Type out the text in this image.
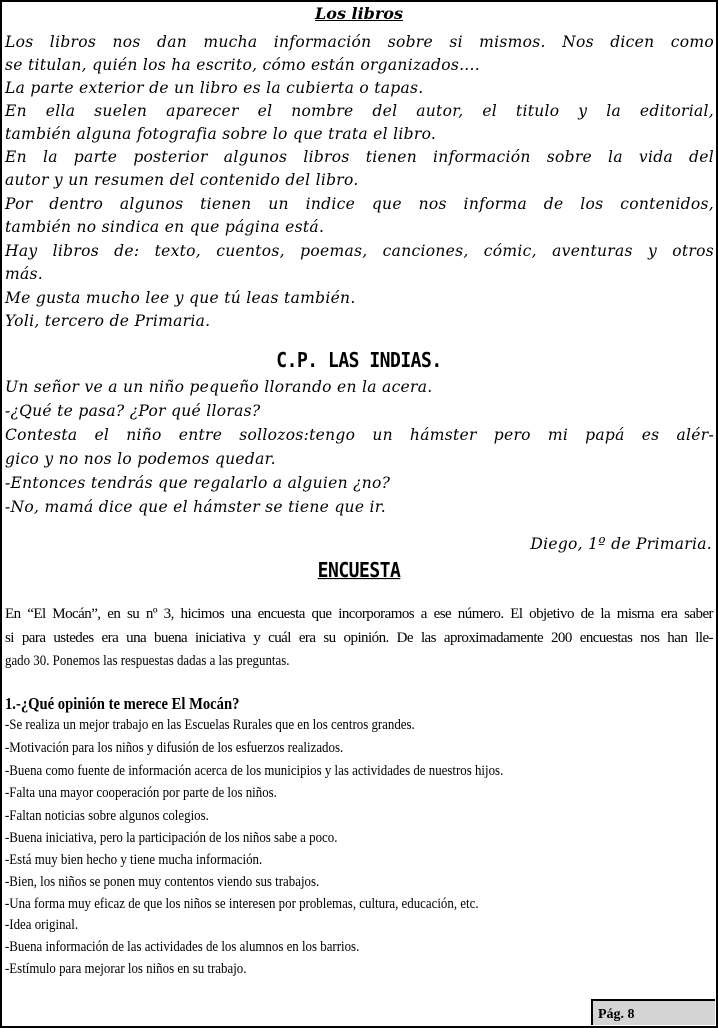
Los libros
Los libros nos dan mucha información sobre si mismos. Nos dicen como
se titulan, quién los ha escrito, cómo están organizados....
La parte exterior de un libro es la cubierta o tapas.
En ella suelen aparecer el nombre del autor, el titulo y la editorial,
también alguna fotografia sobre lo que trata el libro.
En la parte posterior algunos libros tienen información sobre la vida del
autor y un resumen del contenido del libro.
Por dentro algunos tienen un indice que nos informa de los contenidos,
también no sindica en que página está.
Hay libros de: texto, cuentos, poemas, canciones, cómic, aventuras y otros
más.
Me gusta mucho lee y que tú leas también.
Yoli, tercero de Primaria.
C.P. LAS INDIAS.
Un señor ve a un niño pequeño llorando en la acera.
-¿Qué te pasa? ¿Por qué lloras?
Contesta el niño entre sollozos:tengo un hámster pero mi papá es alér-
gico y no nos lo podemos quedar.
-Entonces tendrás que regalarlo a alguien ¿no?
-No, mamá dice que el hámster se tiene que ir.
Diego, 1º de Primaria.
ENCUESTA
En “El Mocán”, en su nº 3, hicimos una encuesta que incorporamos a ese número. El objetivo de la misma era saber
si para ustedes era una buena iniciativa y cuál era su opinión. De las aproximadamente 200 encuestas nos han lle-
gado 30. Ponemos las respuestas dadas a las preguntas.
1.-¿Qué opinión te merece El Mocán?
-Se realiza un mejor trabajo en las Escuelas Rurales que en los centros grandes.
-Motivación para los niños y difusión de los esfuerzos realizados.
-Buena como fuente de información acerca de los municipios y las actividades de nuestros hijos.
-Falta una mayor cooperación por parte de los niños.
-Faltan noticias sobre algunos colegios.
-Buena iniciativa, pero la participación de los niños sabe a poco.
-Está muy bien hecho y tiene mucha información.
-Bien, los niños se ponen muy contentos viendo sus trabajos.
-Una forma muy eficaz de que los niños se interesen por problemas, cultura, educación, etc.
-Idea original.
-Buena información de las actividades de los alumnos en los barrios.
-Estímulo para mejorar los niños en su trabajo.
Pág. 8
